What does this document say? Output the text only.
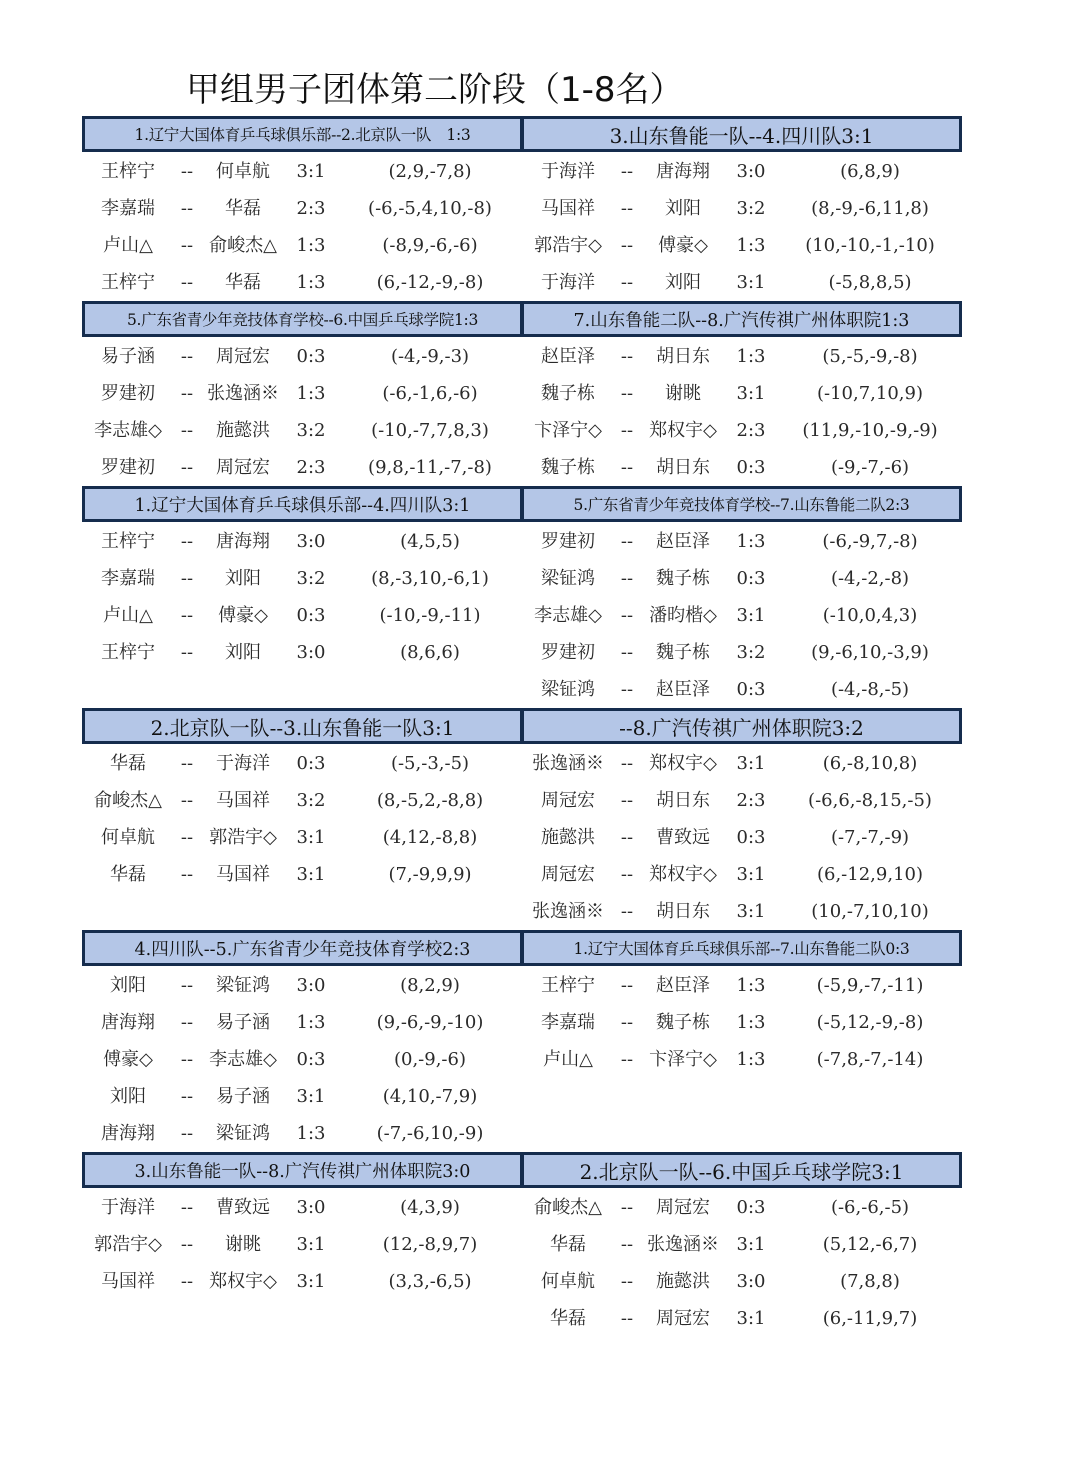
甲组男子团体第二阶段（1-8名）
1.辽宁大国体育乒乓球俱乐部--2.北京队一队　1:3
王梓宁	--	何卓航	3:1	(2,9,-7,8)
李嘉瑞	--	华磊	2:3	(-6,-5,4,10,-8)
卢山△	-- 俞峻杰△	1:3	(-8,9,-6,-6)
王梓宁	--	华磊	1:3	(6,-12,-9,-8)
3.山东鲁能一队--4.四川队3:1
于海洋	--	唐海翔	3:0	(6,8,9)
马国祥	--	刘阳	3:2	(8,-9,-6,11,8)
郭浩宇◇	--	傅豪◇	1:3	(10,-10,-1,-10)
于海洋	--	刘阳	3:1	(-5,8,8,5)
5.广东省青少年竞技体育学校--6.中国乒乓球学院1:3
易子涵	--	周冠宏	0:3	(-4,-9,-3)
罗建初	-- 张逸涵※ 1:3	(-6,-1,6,-6)
李志雄◇	--	施懿洪	3:2	(-10,-7,7,8,3)
罗建初	--	周冠宏	2:3	(9,8,-11,-7,-8)
7.山东鲁能二队--8.广汽传祺广州体职院1:3
赵臣泽	--	胡日东	1:3	(5,-5,-9,-8)
魏子栋	--	谢眺	3:1	(-10,7,10,9)
卞泽宁◇	-- 郑权宇◇	2:3	(11,9,-10,-9,-9)
魏子栋	--	胡日东	0:3	(-9,-7,-6)
1.辽宁大国体育乒乓球俱乐部--4.四川队3:1
王梓宁	--	唐海翔	3:0	(4,5,5)
李嘉瑞	--	刘阳	3:2	(8,-3,10,-6,1)
卢山△	--	傅豪◇	0:3	(-10,-9,-11)
王梓宁	--	刘阳	3:0	(8,6,6)
5.广东省青少年竞技体育学校--7.山东鲁能二队2:3
罗建初	--	赵臣泽	1:3	(-6,-9,7,-8)
梁钲鸿	--	魏子栋	0:3	(-4,-2,-8)
李志雄◇	-- 潘昀楷◇	3:1	(-10,0,4,3)
罗建初	--	魏子栋	3:2	(9,-6,10,-3,9)
梁钲鸿	--	赵臣泽	0:3	(-4,-8,-5)
2.北京队一队--3.山东鲁能一队3:1
华磊	--	于海洋	0:3	(-5,-3,-5)
俞峻杰△	--	马国祥	3:2	(8,-5,2,-8,8)
何卓航	-- 郭浩宇◇	3:1	(4,12,-8,8)
华磊	--	马国祥	3:1	(7,-9,9,9)
--8.广汽传祺广州体职院3:2
张逸涵※ -- 郑权宇◇	3:1	(6,-8,10,8)
周冠宏	--	胡日东	2:3	(-6,6,-8,15,-5)
施懿洪	--	曹致远	0:3	(-7,-7,-9)
周冠宏	-- 郑权宇◇	3:1	(6,-12,9,10)
张逸涵※ --	胡日东	3:1	(10,-7,10,10)
4.四川队--5.广东省青少年竞技体育学校2:3
刘阳	--	梁钲鸿	3:0	(8,2,9)
唐海翔	--	易子涵	1:3	(9,-6,-9,-10)
傅豪◇	-- 李志雄◇	0:3	(0,-9,-6)
刘阳	--	易子涵	3:1	(4,10,-7,9)
唐海翔	--	梁钲鸿	1:3	(-7,-6,10,-9)
1.辽宁大国体育乒乓球俱乐部--7.山东鲁能二队0:3
王梓宁	--	赵臣泽	1:3	(-5,9,-7,-11)
李嘉瑞	--	魏子栋	1:3	(-5,12,-9,-8)
卢山△	-- 卞泽宁◇	1:3	(-7,8,-7,-14)
3.山东鲁能一队--8.广汽传祺广州体职院3:0
于海洋	--	曹致远	3:0	(4,3,9)
郭浩宇◇	--	谢眺	3:1	(12,-8,9,7)
马国祥	-- 郑权宇◇	3:1	(3,3,-6,5)
2.北京队一队--6.中国乒乓球学院3:1
俞峻杰△	--	周冠宏	0:3	(-6,-6,-5)
华磊	-- 张逸涵※ 3:1	(5,12,-6,7)
何卓航	--	施懿洪	3:0	(7,8,8)
华磊	--	周冠宏	3:1	(6,-11,9,7)
